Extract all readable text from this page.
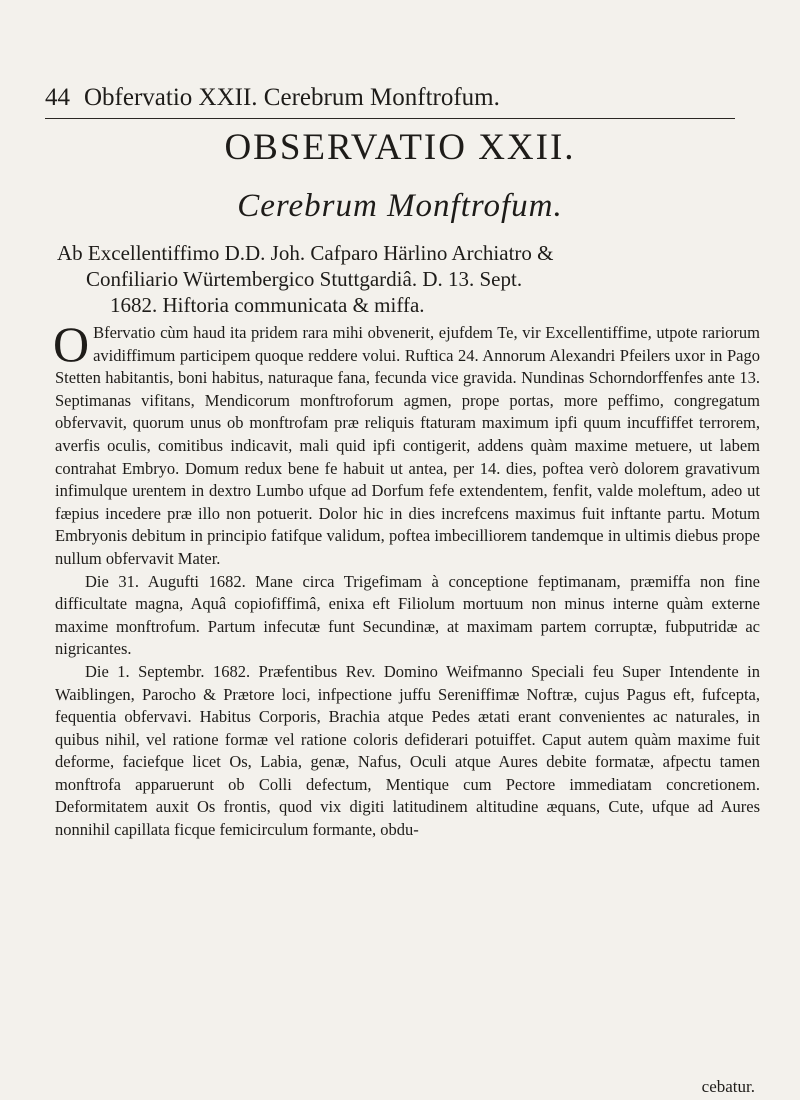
44 Obfervatio XXII. Cerebrum Monftrofum.
OBSERVATIO XXII.
Cerebrum Monftrofum.
Ab Excellentiffimo D.D. Joh. Cafparo Härlino Archiatro &
Confiliario Würtembergico Stuttgardiâ. D. 13. Sept.
1682. Hiftoria communicata & miffa.

O Bfervatio cùm haud ita pridem rara mihi obvenerit, ejufdem Te, vir Excellentiffime, utpote rariorum avidiffimum participem quoque reddere volui. Ruftica 24. Annorum Alexandri Pfeilers uxor in Pago Stetten habitantis, boni habitus, naturaque fana, fecunda vice gravida. Nundinas Schorndorffenfes ante 13. Septimanas vifitans, Mendicorum monftroforum agmen, prope portas, more peffimo, congregatum obfervavit, quorum unus ob monftrofam præ reliquis ftaturam maximum ipfi quum incuffiffet terrorem, averfis oculis, comitibus indicavit, mali quid ipfi contigerit, addens quàm maxime metuere, ut labem contrahat Embryo. Domum redux bene fe habuit ut antea, per 14. dies, poftea verò dolorem gravativum infimulque urentem in dextro Lumbo ufque ad Dorfum fefe extendentem, fenfit, valde moleftum, adeo ut fæpius incedere præ illo non potuerit. Dolor hic in dies increfcens maximus fuit inftante partu. Motum Embryonis debitum in principio fatifque validum, poftea imbecilliorem tandemque in ultimis diebus prope nullum obfervavit Mater.

Die 31. Augufti 1682. Mane circa Trigefimam à conceptione feptimanam, præmiffa non fine difficultate magna, Aquâ copiofiffimâ, enixa eft Filiolum mortuum non minus interne quàm externe maxime monftrofum. Partum infecutæ funt Secundinæ, at maximam partem corruptæ, fubputridæ ac nigricantes.

Die 1. Septembr. 1682. Præfentibus Rev. Domino Weifmanno Speciali feu Super Intendente in Waiblingen, Parocho & Prætore loci, infpectione juffu Sereniffimæ Noftræ, cujus Pagus eft, fufcepta, fequentia obfervavi. Habitus Corporis, Brachia atque Pedes ætati erant convenientes ac naturales, in quibus nihil, vel ratione formæ vel ratione coloris defiderari potuiffet. Caput autem quàm maxime fuit deforme, faciefque licet Os, Labia, genæ, Nafus, Oculi atque Aures debite formatæ, afpectu tamen monftrofa apparuerunt ob Colli defectum, Mentique cum Pectore immediatam concretionem. Deformitatem auxit Os frontis, quod vix digiti latitudinem altitudine æquans, Cute, ufque ad Aures nonnihil capillata ficque femicirculum formante, obdu-

cebatur.
